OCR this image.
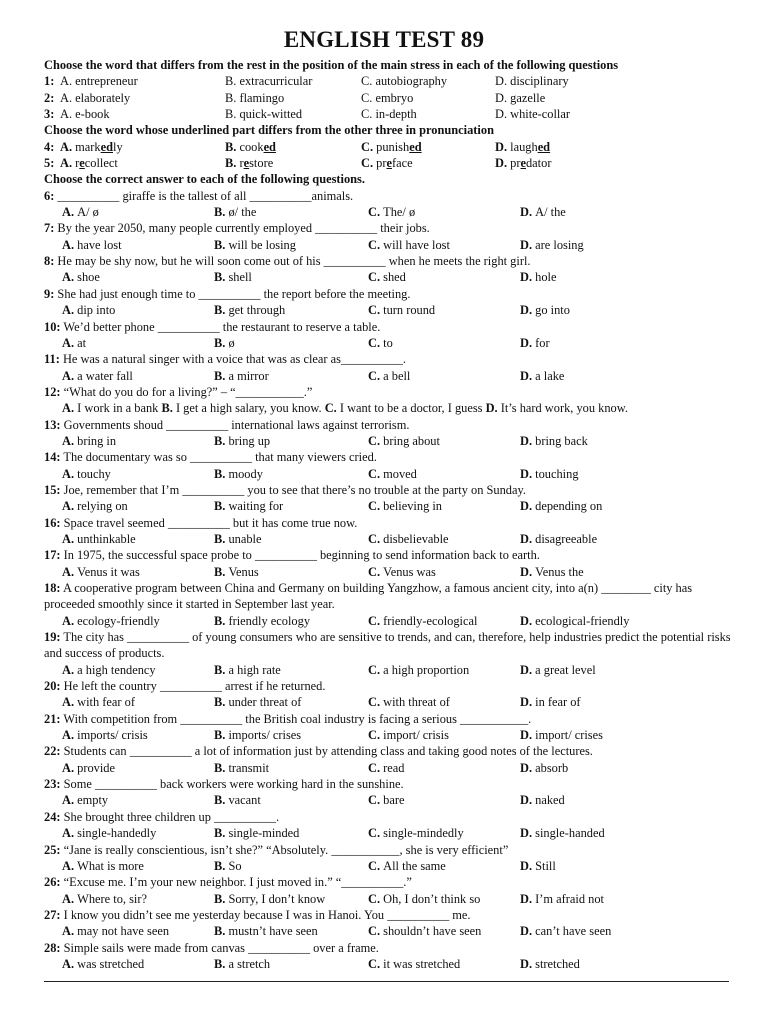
ENGLISH TEST 89
Choose the word that differs from the rest in the position of the main stress in each of the following questions
1: A. entrepreneur	B. extracurricular	C. autobiography	D. disciplinary
2: A. elaborately	B. flamingo	C. embryo	D. gazelle
3: A. e-book	B. quick-witted	C. in-depth	D. white-collar
Choose the word whose underlined part differs from the other three in pronunciation
4: A. markedly	B. cooked	C. punished	D. laughed
5: A. recollect	B. restore	C. preface	D. predator
Choose the correct answer to each of the following questions.
6: __________ giraffe is the tallest of all __________animals.
A. A/ ø	B. ø/ the	C. The/ ø	D. A/ the
7: By the year 2050, many people currently employed __________ their jobs.
A. have lost	B. will be losing	C. will have lost	D. are losing
8: He may be shy now, but he will soon come out of his __________ when he meets the right girl.
A. shoe	B. shell	C. shed	D. hole
9: She had just enough time to __________ the report before the meeting.
A. dip into	B. get through	C. turn round	D. go into
10: We’d better phone __________ the restaurant to reserve a table.
A. at	B. ø	C. to	D. for
11: He was a natural singer with a voice that was as clear as__________.
A. a water fall	B. a mirror	C. a bell	D. a lake
12: “What do you do for a living?” – “___________.”
A. I work in a bank B. I get a high salary, you know. C. I want to be a doctor, I guess D. It’s hard work, you know.
13: Governments shoud __________ international laws against terrorism.
A. bring in	B. bring up	C. bring about	D. bring back
14: The documentary was so __________ that many viewers cried.
A. touchy	B. moody	C. moved	D. touching
15: Joe, remember that I’m __________ you to see that there’s no trouble at the party on Sunday.
A. relying on	B. waiting for	C. believing in	D. depending on
16: Space travel seemed __________ but it has come true now.
A. unthinkable	B. unable	C. disbelievable	D. disagreeable
17: In 1975, the successful space probe to __________ beginning to send information back to earth.
A. Venus it was	B. Venus	C. Venus was	D. Venus the
18: A cooperative program between China and Germany on building Yangzhow, a famous ancient city, into a(n) ________ city has proceeded smoothly since it started in September last year.
A. ecology-friendly	B. friendly ecology	C. friendly-ecological	D. ecological-friendly
19: The city has __________ of young consumers who are sensitive to trends, and can, therefore, help industries predict the potential risks and success of products.
A. a high tendency	B. a high rate	C. a high proportion	D. a great level
20: He left the country __________ arrest if he returned.
A. with fear of	B. under threat of	C. with threat of	D. in fear of
21: With competition from __________ the British coal industry is facing a serious ___________.
A. imports/ crisis	B. imports/ crises	C. import/ crisis	D. import/ crises
22: Students can __________ a lot of information just by attending class and taking good notes of the lectures.
A. provide	B. transmit	C. read	D. absorb
23: Some __________ back workers were working hard in the sunshine.
A. empty	B. vacant	C. bare	D. naked
24: She brought three children up __________.
A. single-handedly	B. single-minded	C. single-mindedly	D. single-handed
25: “Jane is really conscientious, isn’t she?” “Absolutely. ___________, she is very efficient”
A. What is more	B. So	C. All the same	D. Still
26: “Excuse me. I’m your new neighbor. I just moved in.” “__________.”
A. Where to, sir?	B. Sorry, I don’t know	C. Oh, I don’t think so	D. I’m afraid not
27: I know you didn’t see me yesterday because I was in Hanoi. You __________ me.
A. may not have seen	B. mustn’t have seen	C. shouldn’t have seen	D. can’t have seen
28: Simple sails were made from canvas __________ over a frame.
A. was stretched	B. a stretch	C. it was stretched	D. stretched
